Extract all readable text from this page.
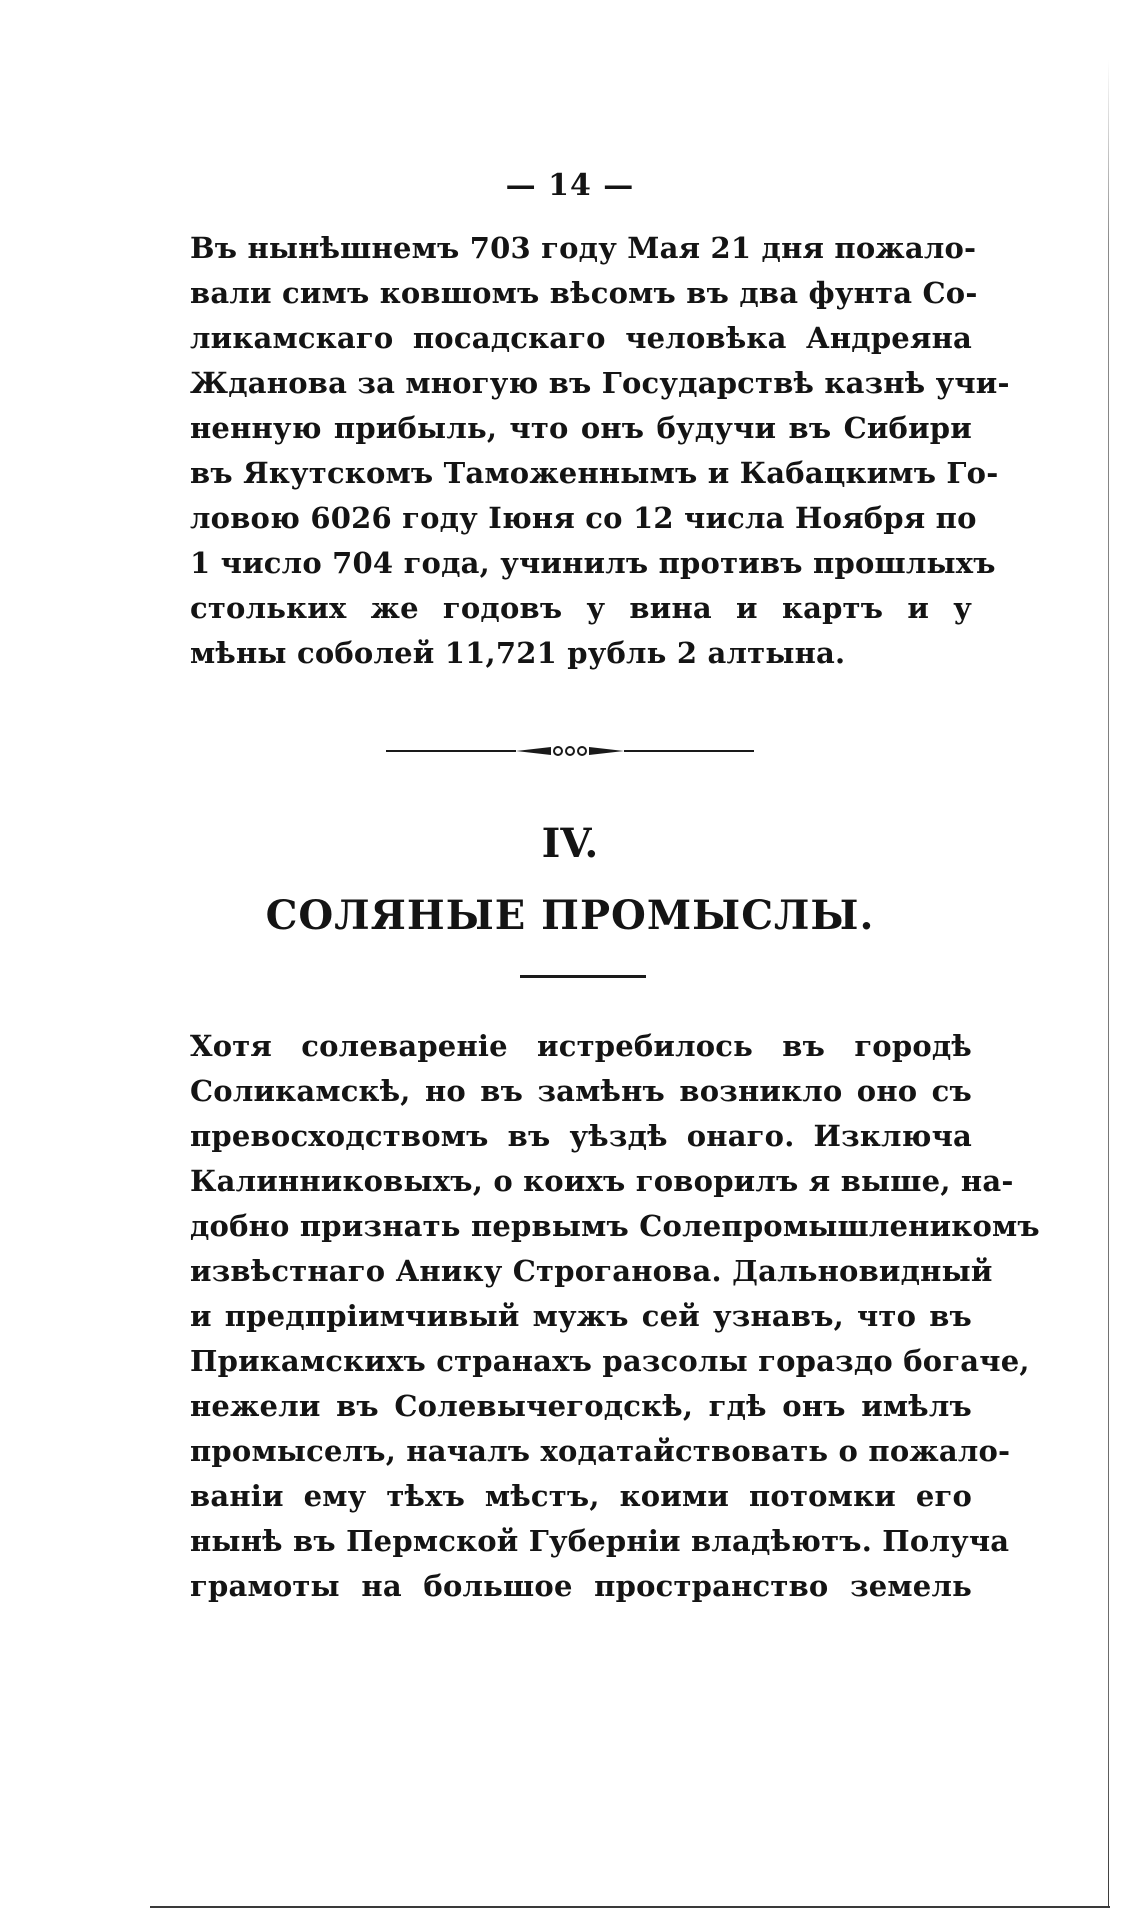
— 14 —
Въ нынѣшнемъ 703 году Мая 21 дня пожало-
вали симъ ковшомъ вѣсомъ въ два фунта Со-
ликамскаго посадскаго человѣка Андреяна
Жданова за многую въ Государствѣ казнѣ учи-
ненную прибыль, что онъ будучи въ Сибири
въ Якутскомъ Таможеннымъ и Кабацкимъ Го-
ловою 6026 году Іюня со 12 числа Ноября по
1 число 704 года, учинилъ противъ прошлыхъ
стольких же годовъ у вина и картъ и у
мѣны соболей 11,721 рубль 2 алтына.
IV.
СОЛЯНЫЕ ПРОМЫСЛЫ.
Хотя солевареніе истребилось въ городѣ
Соликамскѣ, но въ замѣнъ возникло оно съ
превосходствомъ въ уѣздѣ онаго. Изключа
Калинниковыхъ, о коихъ говорилъ я выше, на-
добно признать первымъ Солепромышленикомъ
извѣстнаго Анику Строганова. Дальновидный
и предпріимчивый мужъ сей узнавъ, что въ
Прикамскихъ странахъ разсолы гораздо богаче,
нежели въ Солевычегодскѣ, гдѣ онъ имѣлъ
промыселъ, началъ ходатайствовать о пожало-
ваніи ему тѣхъ мѣстъ, коими потомки его
нынѣ въ Пермской Губерніи владѣютъ. Получа
грамоты на большое пространство земель
